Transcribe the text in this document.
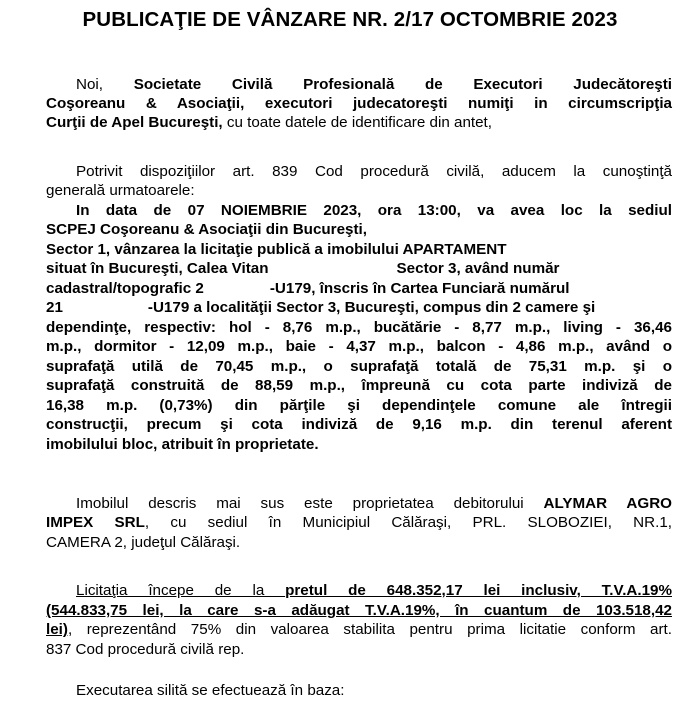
PUBLICAŢIE DE VÂNZARE NR. 2/17 OCTOMBRIE 2023
Noi, Societate Civilă Profesională de Executori Judecătoreşti
Coşoreanu & Asociaţii, executori judecatoreşti numiţi in circumscripţia
Curţii de Apel Bucureşti, cu toate datele de identificare din antet,
Potrivit dispoziţiilor art. 839 Cod procedură civilă, aducem la cunoştinţă
generală urmatoarele:
In data de 07 NOIEMBRIE 2023, ora 13:00, va avea loc la sediul
SCPEJ Coşoreanu & Asociaţii din Bucureşti,
Sector 1, vânzarea la licitaţie publică a imobilului APARTAMENT
situat în Bucureşti, Calea Vitan	Sector 3, având număr
cadastral/topografic 2	-U179, înscris în Cartea Funciară numărul
21	-U179 a localităţii Sector 3, Bucureşti, compus din 2 camere şi
dependinţe, respectiv: hol - 8,76 m.p., bucătărie - 8,77 m.p., living - 36,46
m.p., dormitor - 12,09 m.p., baie - 4,37 m.p., balcon - 4,86 m.p., având o
suprafaţă utilă de 70,45 m.p., o suprafaţă totală de 75,31 m.p. şi o
suprafaţă construită de 88,59 m.p., împreună cu cota parte indiviză de
16,38 m.p. (0,73%) din părţile şi dependinţele comune ale întregii
construcţii, precum şi cota indiviză de 9,16 m.p. din terenul aferent
imobilului bloc, atribuit în proprietate.
Imobilul descris mai sus este proprietatea debitorului ALYMAR AGRO
IMPEX SRL, cu sediul în Municipiul Călăraşi, PRL. SLOBOZIEI, NR.1,
CAMERA 2, judeţul Călăraşi.
Licitaţia începe de la pretul de 648.352,17 lei inclusiv, T.V.A.19%
(544.833,75 lei, la care s-a adăugat T.V.A.19%, în cuantum de 103.518,42
lei), reprezentând 75% din valoarea stabilita pentru prima licitatie conform art.
837 Cod procedură civilă rep.
Executarea silită se efectuează în baza:
